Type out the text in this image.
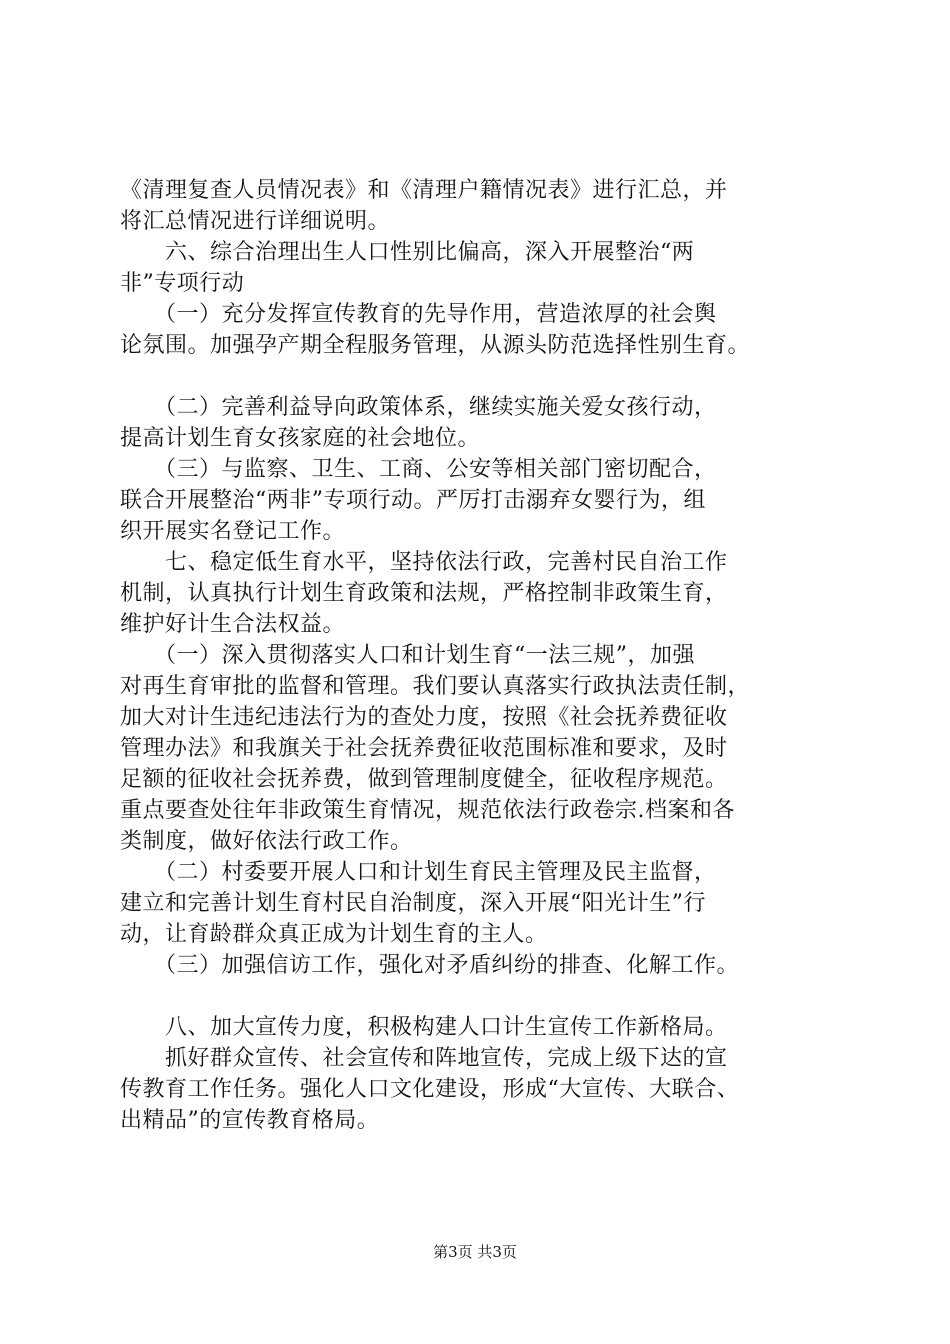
《清理复查人员情况表》和《清理户籍情况表》进行汇总，并
将汇总情况进行详细说明。
　　六、综合治理出生人口性别比偏高，深入开展整治“两
非”专项行动
　　（一）充分发挥宣传教育的先导作用，营造浓厚的社会舆
论氛围。加强孕产期全程服务管理，从源头防范选择性别生育。
　　（二）完善利益导向政策体系，继续实施关爱女孩行动，
提高计划生育女孩家庭的社会地位。
　　（三）与监察、卫生、工商、公安等相关部门密切配合，
联合开展整治“两非”专项行动。严厉打击溺弃女婴行为，组
织开展实名登记工作。
　　七、稳定低生育水平，坚持依法行政，完善村民自治工作
机制，认真执行计划生育政策和法规，严格控制非政策生育，
维护好计生合法权益。
　　（一）深入贯彻落实人口和计划生育“一法三规”，加强
对再生育审批的监督和管理。我们要认真落实行政执法责任制，
加大对计生违纪违法行为的查处力度，按照《社会抚养费征收
管理办法》和我旗关于社会抚养费征收范围标准和要求，及时
足额的征收社会抚养费，做到管理制度健全，征收程序规范。
重点要查处往年非政策生育情况，规范依法行政卷宗.档案和各
类制度，做好依法行政工作。
　　（二）村委要开展人口和计划生育民主管理及民主监督，
建立和完善计划生育村民自治制度，深入开展“阳光计生”行
动，让育龄群众真正成为计划生育的主人。
　　（三）加强信访工作，强化对矛盾纠纷的排查、化解工作。
　　八、加大宣传力度，积极构建人口计生宣传工作新格局。
　　抓好群众宣传、社会宣传和阵地宣传，完成上级下达的宣
传教育工作任务。强化人口文化建设，形成“大宣传、大联合、
出精品”的宣传教育格局。
第3页 共3页
